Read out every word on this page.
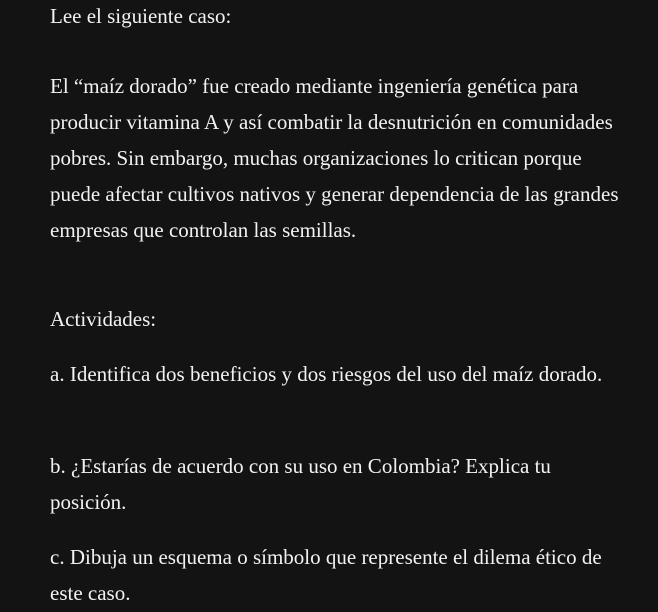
Lee el siguiente caso:

El “maíz dorado” fue creado mediante ingeniería genética para producir vitamina A y así combatir la desnutrición en comunidades pobres. Sin embargo, muchas organizaciones lo critican porque puede afectar cultivos nativos y generar dependencia de las grandes empresas que controlan las semillas.

Actividades:

a. Identifica dos beneficios y dos riesgos del uso del maíz dorado.

b. ¿Estarías de acuerdo con su uso en Colombia? Explica tu posición.

c. Dibuja un esquema o símbolo que represente el dilema ético de este caso.
